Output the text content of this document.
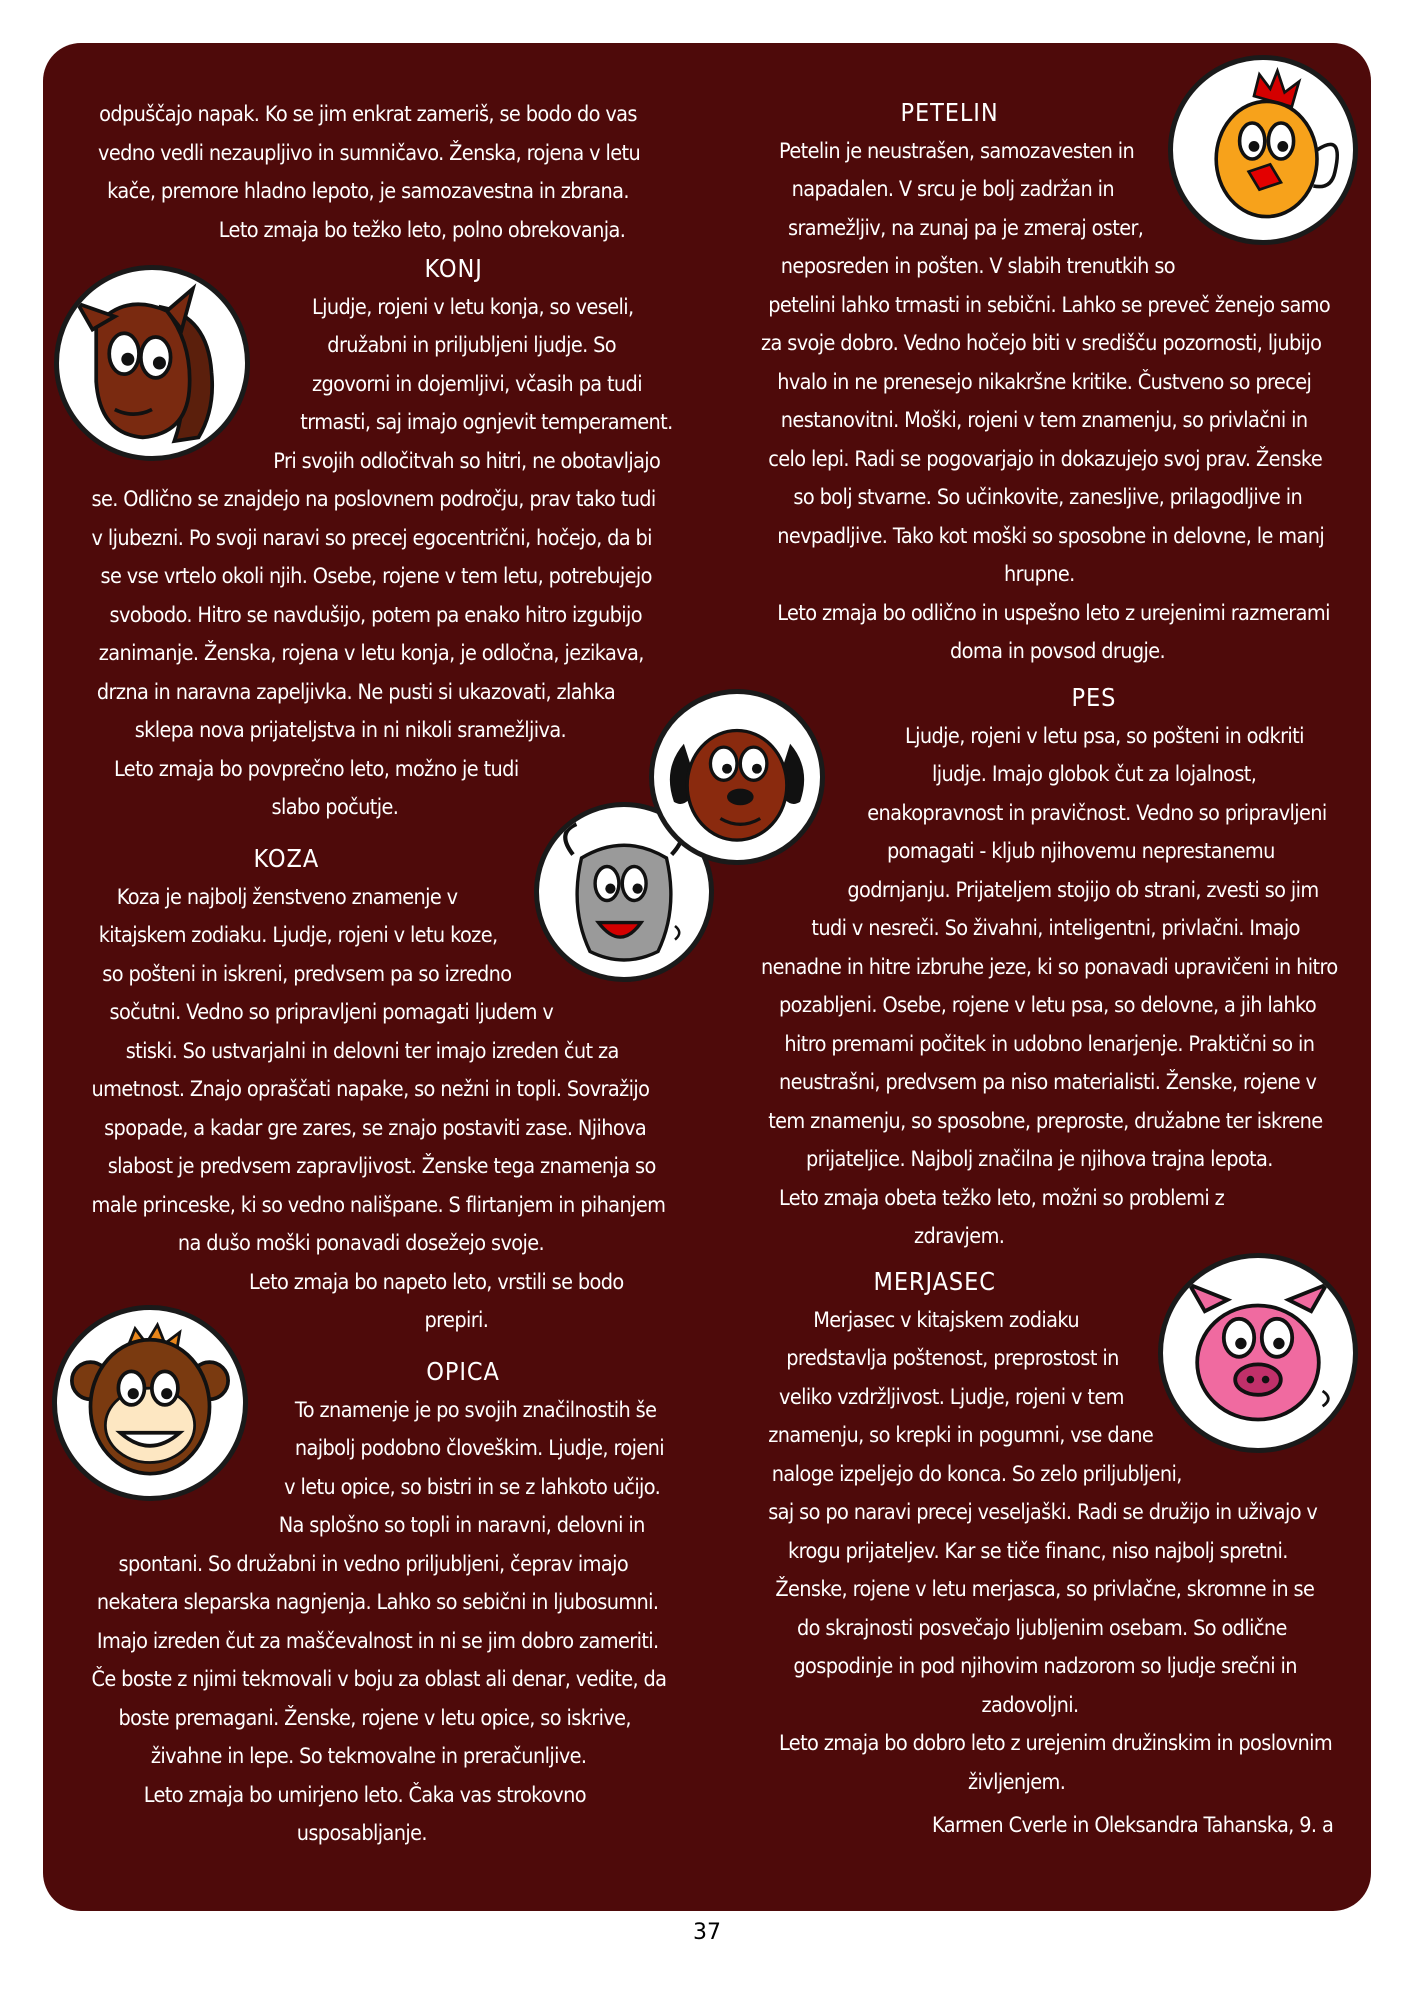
odpuščajo napak. Ko se jim enkrat zameriš, se bodo do vas
vedno vedli nezaupljivo in sumničavo. Ženska, rojena v letu
kače, premore hladno lepoto, je samozavestna in zbrana.
Leto zmaja bo težko leto, polno obrekovanja.
KONJ
Ljudje, rojeni v letu konja, so veseli,
družabni in priljubljeni ljudje. So
zgovorni in dojemljivi, včasih pa tudi
trmasti, saj imajo ognjevit temperament.
Pri svojih odločitvah so hitri, ne obotavljajo
se. Odlično se znajdejo na poslovnem področju, prav tako tudi
v ljubezni. Po svoji naravi so precej egocentrični, hočejo, da bi
se vse vrtelo okoli njih. Osebe, rojene v tem letu, potrebujejo
svobodo. Hitro se navdušijo, potem pa enako hitro izgubijo
zanimanje. Ženska, rojena v letu konja, je odločna, jezikava,
drzna in naravna zapeljivka. Ne pusti si ukazovati, zlahka
sklepa nova prijateljstva in ni nikoli sramežljiva.
Leto zmaja bo povprečno leto, možno je tudi
slabo počutje.
KOZA
Koza je najbolj ženstveno znamenje v
kitajskem zodiaku. Ljudje, rojeni v letu koze,
so pošteni in iskreni, predvsem pa so izredno
sočutni. Vedno so pripravljeni pomagati ljudem v
stiski. So ustvarjalni in delovni ter imajo izreden čut za
umetnost. Znajo opraščati napake, so nežni in topli. Sovražijo
spopade, a kadar gre zares, se znajo postaviti zase. Njihova
slabost je predvsem zapravljivost. Ženske tega znamenja so
male princeske, ki so vedno nališpane. S flirtanjem in pihanjem
na dušo moški ponavadi dosežejo svoje.
Leto zmaja bo napeto leto, vrstili se bodo
prepiri.
OPICA
To znamenje je po svojih značilnostih še
najbolj podobno človeškim. Ljudje, rojeni
v letu opice, so bistri in se z lahkoto učijo.
Na splošno so topli in naravni, delovni in
spontani. So družabni in vedno priljubljeni, čeprav imajo
nekatera sleparska nagnjenja. Lahko so sebični in ljubosumni.
Imajo izreden čut za maščevalnost in ni se jim dobro zameriti.
Če boste z njimi tekmovali v boju za oblast ali denar, vedite, da
boste premagani. Ženske, rojene v letu opice, so iskrive,
živahne in lepe. So tekmovalne in preračunljive.
Leto zmaja bo umirjeno leto. Čaka vas strokovno
usposabljanje.
PETELIN
Petelin je neustrašen, samozavesten in
napadalen. V srcu je bolj zadržan in
sramežljiv, na zunaj pa je zmeraj oster,
neposreden in pošten. V slabih trenutkih so
petelini lahko trmasti in sebični. Lahko se preveč ženejo samo
za svoje dobro. Vedno hočejo biti v središču pozornosti, ljubijo
hvalo in ne prenesejo nikakršne kritike. Čustveno so precej
nestanovitni. Moški, rojeni v tem znamenju, so privlačni in
celo lepi. Radi se pogovarjajo in dokazujejo svoj prav. Ženske
so bolj stvarne. So učinkovite, zanesljive, prilagodljive in
nevpadljive. Tako kot moški so sposobne in delovne, le manj
hrupne.
Leto zmaja bo odlično in uspešno leto z urejenimi razmerami
doma in povsod drugje.
PES
Ljudje, rojeni v letu psa, so pošteni in odkriti
ljudje. Imajo globok čut za lojalnost,
enakopravnost in pravičnost. Vedno so pripravljeni
pomagati - kljub njihovemu neprestanemu
godrnjanju. Prijateljem stojijo ob strani, zvesti so jim
tudi v nesreči. So živahni, inteligentni, privlačni. Imajo
nenadne in hitre izbruhe jeze, ki so ponavadi upravičeni in hitro
pozabljeni. Osebe, rojene v letu psa, so delovne, a jih lahko
hitro premami počitek in udobno lenarjenje. Praktični so in
neustrašni, predvsem pa niso materialisti. Ženske, rojene v
tem znamenju, so sposobne, preproste, družabne ter iskrene
prijateljice. Najbolj značilna je njihova trajna lepota.
Leto zmaja obeta težko leto, možni so problemi z
zdravjem.
MERJASEC
Merjasec v kitajskem zodiaku
predstavlja poštenost, preprostost in
veliko vzdržljivost. Ljudje, rojeni v tem
znamenju, so krepki in pogumni, vse dane
naloge izpeljejo do konca. So zelo priljubljeni,
saj so po naravi precej veseljaški. Radi se družijo in uživajo v
krogu prijateljev. Kar se tiče financ, niso najbolj spretni.
Ženske, rojene v letu merjasca, so privlačne, skromne in se
do skrajnosti posvečajo ljubljenim osebam. So odlične
gospodinje in pod njihovim nadzorom so ljudje srečni in
zadovoljni.
Leto zmaja bo dobro leto z urejenim družinskim in poslovnim
življenjem.
Karmen Cverle in Oleksandra Tahanska, 9. a
37
